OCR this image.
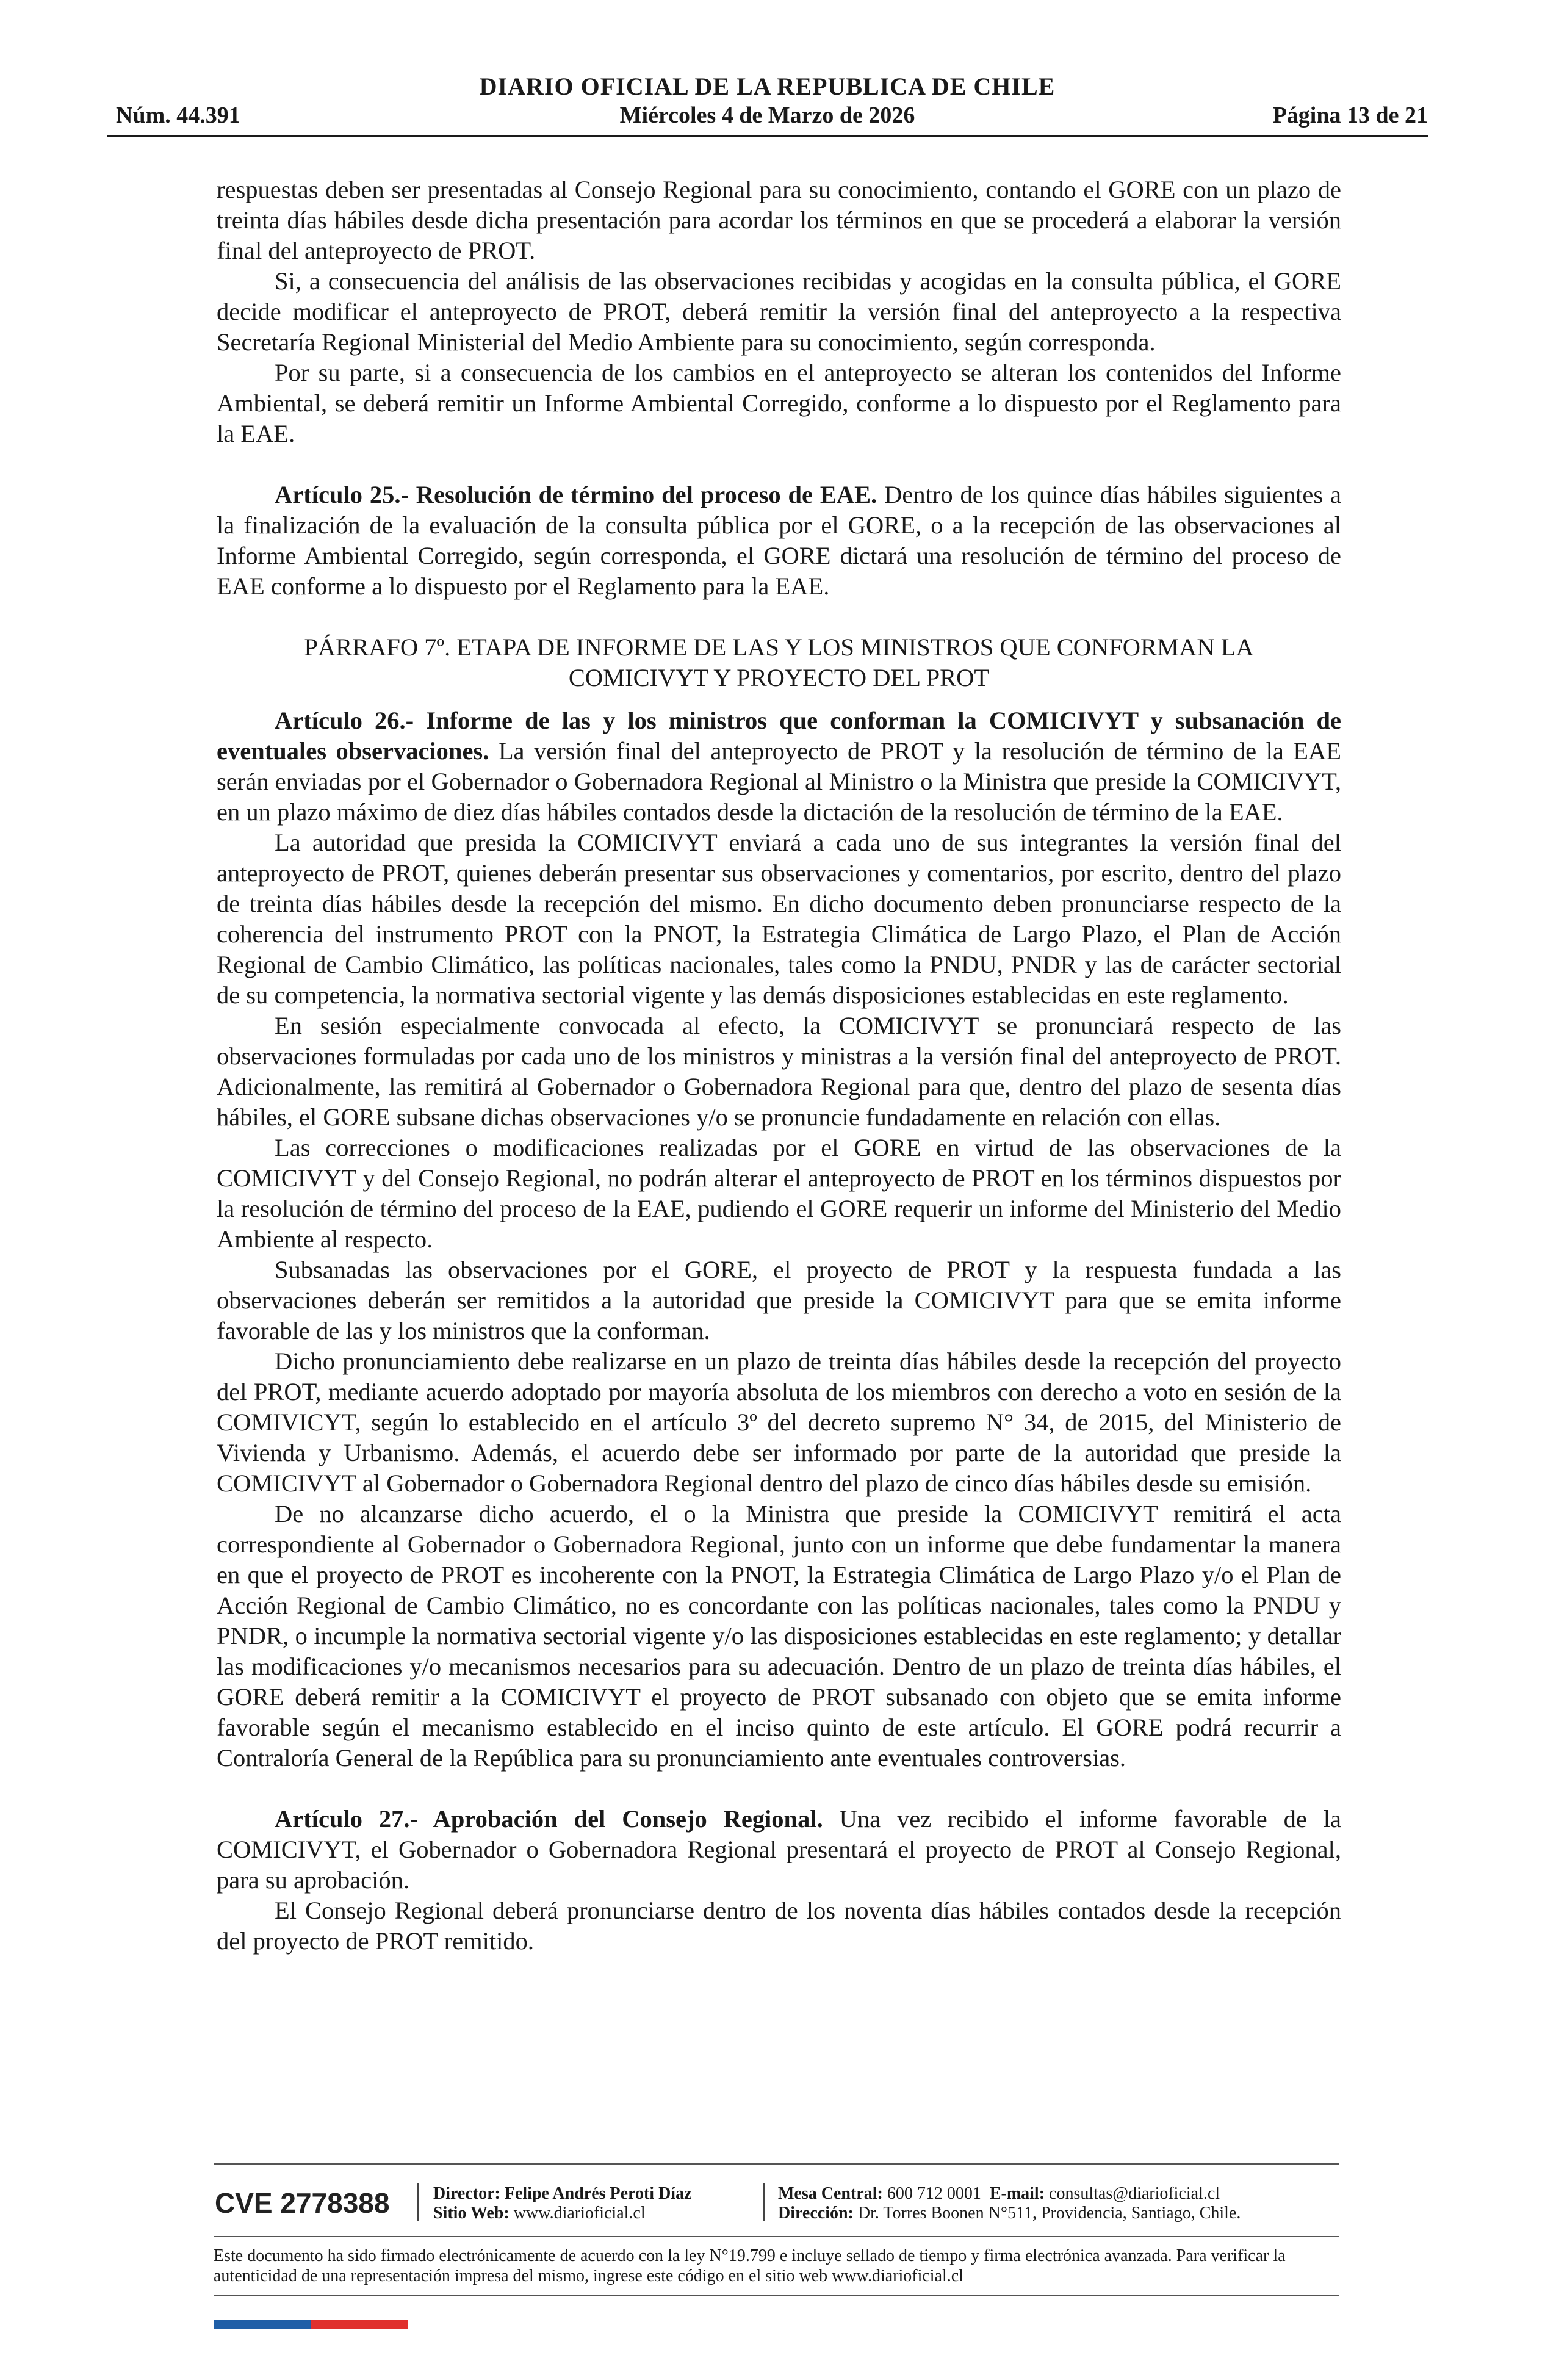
DIARIO OFICIAL DE LA REPUBLICA DE CHILE
Núm. 44.391	Miércoles 4 de Marzo de 2026	Página 13 de 21

respuestas deben ser presentadas al Consejo Regional para su conocimiento, contando el GORE con un plazo de treinta días hábiles desde dicha presentación para acordar los términos en que se procederá a elaborar la versión final del anteproyecto de PROT.

Si, a consecuencia del análisis de las observaciones recibidas y acogidas en la consulta pública, el GORE decide modificar el anteproyecto de PROT, deberá remitir la versión final del anteproyecto a la respectiva Secretaría Regional Ministerial del Medio Ambiente para su conocimiento, según corresponda.

Por su parte, si a consecuencia de los cambios en el anteproyecto se alteran los contenidos del Informe Ambiental, se deberá remitir un Informe Ambiental Corregido, conforme a lo dispuesto por el Reglamento para la EAE.

Artículo 25.- Resolución de término del proceso de EAE. Dentro de los quince días hábiles siguientes a la finalización de la evaluación de la consulta pública por el GORE, o a la recepción de las observaciones al Informe Ambiental Corregido, según corresponda, el GORE dictará una resolución de término del proceso de EAE conforme a lo dispuesto por el Reglamento para la EAE.

PÁRRAFO 7º. ETAPA DE INFORME DE LAS Y LOS MINISTROS QUE CONFORMAN LA

COMICIVYT Y PROYECTO DEL PROT

Artículo 26.- Informe de las y los ministros que conforman la COMICIVYT y subsanación de eventuales observaciones. La versión final del anteproyecto de PROT y la resolución de término de la EAE serán enviadas por el Gobernador o Gobernadora Regional al Ministro o la Ministra que preside la COMICIVYT, en un plazo máximo de diez días hábiles contados desde la dictación de la resolución de término de la EAE.

La autoridad que presida la COMICIVYT enviará a cada uno de sus integrantes la versión final del anteproyecto de PROT, quienes deberán presentar sus observaciones y comentarios, por escrito, dentro del plazo de treinta días hábiles desde la recepción del mismo. En dicho documento deben pronunciarse respecto de la coherencia del instrumento PROT con la PNOT, la Estrategia Climática de Largo Plazo, el Plan de Acción Regional de Cambio Climático, las políticas nacionales, tales como la PNDU, PNDR y las de carácter sectorial de su competencia, la normativa sectorial vigente y las demás disposiciones establecidas en este reglamento.

En sesión especialmente convocada al efecto, la COMICIVYT se pronunciará respecto de las observaciones formuladas por cada uno de los ministros y ministras a la versión final del anteproyecto de PROT. Adicionalmente, las remitirá al Gobernador o Gobernadora Regional para que, dentro del plazo de sesenta días hábiles, el GORE subsane dichas observaciones y/o se pronuncie fundadamente en relación con ellas.

Las correcciones o modificaciones realizadas por el GORE en virtud de las observaciones de la COMICIVYT y del Consejo Regional, no podrán alterar el anteproyecto de PROT en los términos dispuestos por la resolución de término del proceso de la EAE, pudiendo el GORE requerir un informe del Ministerio del Medio Ambiente al respecto.

Subsanadas las observaciones por el GORE, el proyecto de PROT y la respuesta fundada a las observaciones deberán ser remitidos a la autoridad que preside la COMICIVYT para que se emita informe favorable de las y los ministros que la conforman.

Dicho pronunciamiento debe realizarse en un plazo de treinta días hábiles desde la recepción del proyecto del PROT, mediante acuerdo adoptado por mayoría absoluta de los miembros con derecho a voto en sesión de la COMIVICYT, según lo establecido en el artículo 3º del decreto supremo N° 34, de 2015, del Ministerio de Vivienda y Urbanismo. Además, el acuerdo debe ser informado por parte de la autoridad que preside la COMICIVYT al Gobernador o Gobernadora Regional dentro del plazo de cinco días hábiles desde su emisión.

De no alcanzarse dicho acuerdo, el o la Ministra que preside la COMICIVYT remitirá el acta correspondiente al Gobernador o Gobernadora Regional, junto con un informe que debe fundamentar la manera en que el proyecto de PROT es incoherente con la PNOT, la Estrategia Climática de Largo Plazo y/o el Plan de Acción Regional de Cambio Climático, no es concordante con las políticas nacionales, tales como la PNDU y PNDR, o incumple la normativa sectorial vigente y/o las disposiciones establecidas en este reglamento; y detallar las modificaciones y/o mecanismos necesarios para su adecuación. Dentro de un plazo de treinta días hábiles, el GORE deberá remitir a la COMICIVYT el proyecto de PROT subsanado con objeto que se emita informe favorable según el mecanismo establecido en el inciso quinto de este artículo. El GORE podrá recurrir a Contraloría General de la República para su pronunciamiento ante eventuales controversias.

Artículo 27.- Aprobación del Consejo Regional. Una vez recibido el informe favorable de la COMICIVYT, el Gobernador o Gobernadora Regional presentará el proyecto de PROT al Consejo Regional, para su aprobación.

El Consejo Regional deberá pronunciarse dentro de los noventa días hábiles contados desde la recepción del proyecto de PROT remitido.

CVE 2778388	Director: Felipe Andrés Peroti Díaz
Sitio Web: www.diarioficial.cl
Mesa Central: 600 712 0001 E-mail: consultas@diarioficial.cl
Dirección: Dr. Torres Boonen N°511, Providencia, Santiago, Chile.
Este documento ha sido firmado electrónicamente de acuerdo con la ley N°19.799 e incluye sellado de tiempo y firma electrónica avanzada. Para verificar la autenticidad de una representación impresa del mismo, ingrese este código en el sitio web www.diarioficial.cl
